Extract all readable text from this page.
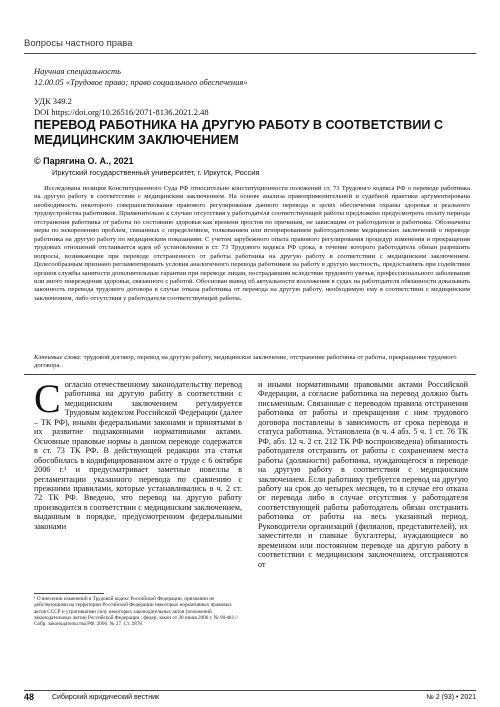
Вопросы частного права
Научная специальность
12.00.05 «Трудовое право; право социального обеспечения»
УДК 349.2
DOI https://doi.org/10.26516/2071-8136.2021.2.48
ПЕРЕВОД РАБОТНИКА НА ДРУГУЮ РАБОТУ В СООТВЕТСТВИИ С МЕДИЦИНСКИМ ЗАКЛЮЧЕНИЕМ
© Парягина О. А., 2021
Иркутский государственный университет, г. Иркутск, Россия
Исследована позиция Конституционного Суда РФ относительно конституционности положений ст. 73 Трудового кодекса РФ о переводе работника на другую работу в соответствии с медицинским заключением. На основе анализа правоприменительной и судебной практики аргументирована необходимость некоторого совершенствования правового регулирования данного перевода в целях обеспечения охраны здоровья и реального трудоустройства работников. Применительно к случаю отсутствия у работодателя соответствующей работы предложено предусмотреть оплату периода отстранения работника от работы по состоянию здоровья как времени простоя по причинам, не зависящим от работодателя и работника. Обозначены меры по искоренению проблем, связанных с определением, толкованием или игнорированием работодателями медицинских заключений о переводе работника на другую работу по медицинским показаниям. С учетом зарубежного опыта правового регулирования процедур изменения и прекращения трудовых отношений отстаивается идея об установлении в ст. 73 Трудового кодекса РФ срока, в течение которого работодатель обязан разрешить вопросы, возникающие при переводе отстраненного от работы работника на другую работу в соответствии с медицинским заключением. Целесообразным признано регламентировать условия аналогичного перевода работников на работу в другую местность, предоставлять при содействии органов службы занятости дополнительные гарантии при переводе лицам, пострадавшим вследствие трудового увечья, профессионального заболевания или иного повреждения здоровья, связанного с работой. Обоснован вывод об актуальности возложения в судах на работодателя обязанности доказывать законность перевода трудового договора в случае отказа работника от перевода на другую работу, необходимую ему в соответствии с медицинским заключением, либо отсутствия у работодателя соответствующей работы.
Ключевые слова: трудовой договор, перевод на другую работу, медицинское заключение, отстранение работника от работы, прекращение трудового договора.
Согласно отечественному законодательству перевод работника на другую работу в соответствии с медицинским заключением регулируется Трудовым кодексом Российской Федерации (далее – ТК РФ), иными федеральными законами и принятыми в их развитие подзаконными нормативными актами. Основные правовые нормы о данном переводе содержатся в ст. 73 ТК РФ. В действующей редакции эта статья обособилась в кодифицированном акте о труде с 6 октября 2006 г.¹ и предусматривает заметные новеллы в регламентации указанного перевода по сравнению с прежними правилами, которые устанавливались в ч. 2 ст. 72 ТК РФ. Введено, что перевод на другую работу производится в соответствии с медицинским заключением, выданным в порядке, предусмотренном федеральными законами
¹ О внесении изменений в Трудовой кодекс Российской Федерации, признании не действующими на территории Российской Федерации некоторых нормативных правовых актов СССР и утратившими силу некоторых законодательных актов (положений законодательных актов) Российской Федерации : федер. закон от 30 июня 2006 г. № 90-ФЗ // Собр. законодательства РФ. 2006. № 27. Ст. 2878.
и иными нормативными правовыми актами Российской Федерации, а согласие работника на перевод должно быть письменным. Связанные с переводом правила отстранения работника от работы и прекращения с ним трудового договора поставлены в зависимость от срока перевода и статуса работника. Установлена (в ч. 4 абз. 5 ч. 1 ст. 76 ТК РФ, абз. 12 ч. 2 ст. 212 ТК РФ воспроизведена) обязанность работодателя отстранить от работы с сохранением места работы (должности) работника, нуждающегося в переводе на другую работу в соответствии с медицинским заключением. Если работнику требуется перевод на другую работу на срок до четырех месяцев, то в случае его отказа от перевода либо в случае отсутствия у работодателя соответствующей работы работодатель обязан отстранить работника от работы на весь указанный период. Руководители организаций (филиалов, представителей), их заместители и главные бухгалтеры, нуждающиеся во временном или постоянном переводе на другую работу в соответствии с медицинским заключением, отстраняются от
48	Сибирский юридический вестник	№ 2 (93) • 2021
